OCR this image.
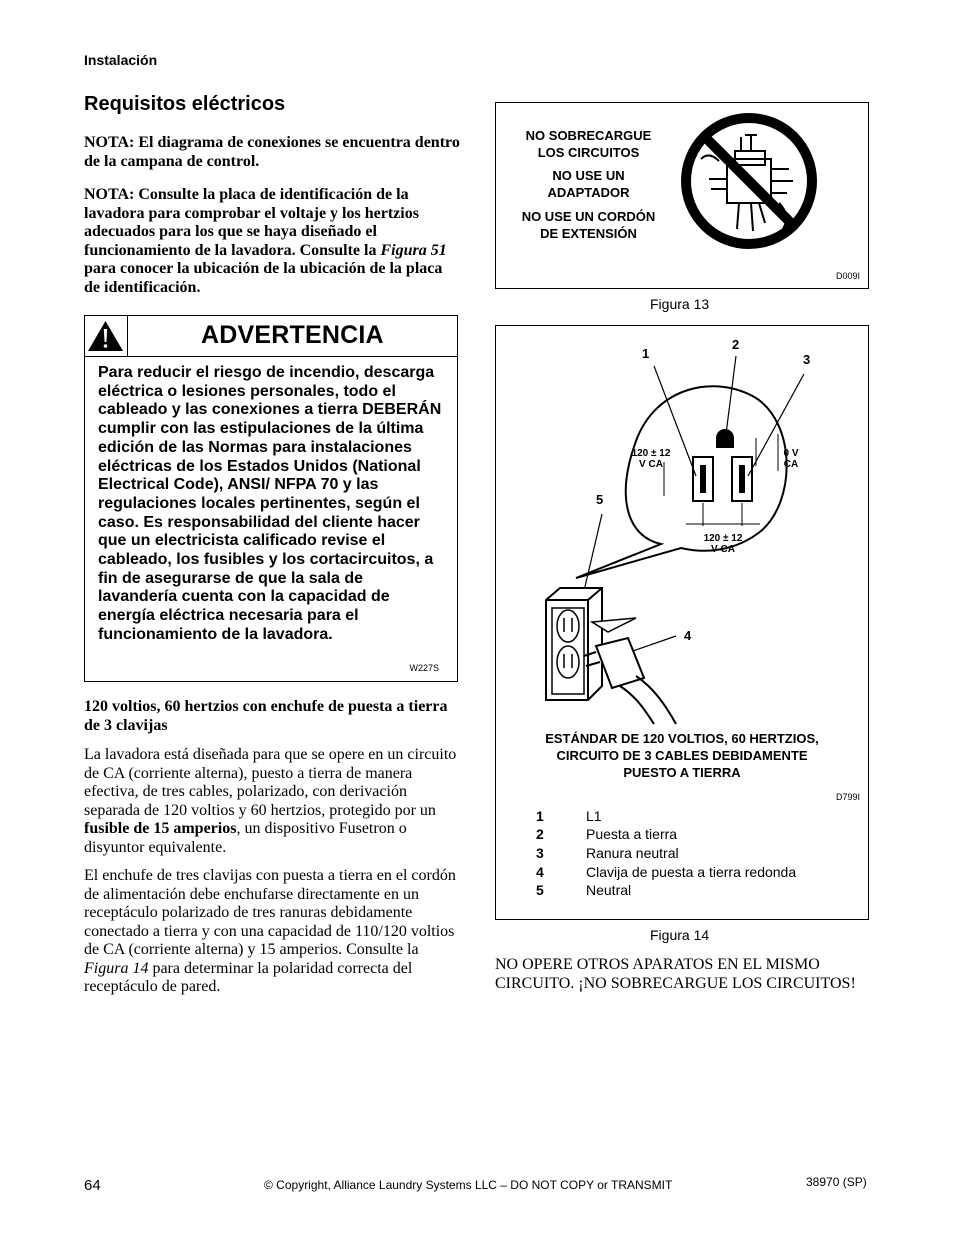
Instalación
Requisitos eléctricos

NOTA: El diagrama de conexiones se encuentra dentro de la campana de control.

NOTA: Consulte la placa de identificación de la lavadora para comprobar el voltaje y los hertzios adecuados para los que se haya diseñado el funcionamiento de la lavadora. Consulte la Figura 51 para conocer la ubicación de la ubicación de la placa de identificación.

ADVERTENCIA

Para reducir el riesgo de incendio, descarga eléctrica o lesiones personales, todo el cableado y las conexiones a tierra DEBERÁN cumplir con las estipulaciones de la última edición de las Normas para instalaciones eléctricas de los Estados Unidos (National Electrical Code), ANSI/ NFPA 70 y las regulaciones locales pertinentes, según el caso. Es responsabilidad del cliente hacer que un electricista calificado revise el cableado, los fusibles y los cortacircuitos, a fin de asegurarse de que la sala de lavandería cuenta con la capacidad de energía eléctrica necesaria para el funcionamiento de la lavadora.

W227S

120 voltios, 60 hertzios con enchufe de puesta a tierra de 3 clavijas

La lavadora está diseñada para que se opere en un circuito de CA (corriente alterna), puesto a tierra de manera efectiva, de tres cables, polarizado, con derivación separada de 120 voltios y 60 hertzios, protegido por un fusible de 15 amperios, un dispositivo Fusetron o disyuntor equivalente.

El enchufe de tres clavijas con puesta a tierra en el cordón de alimentación debe enchufarse directamente en un receptáculo polarizado de tres ranuras debidamente conectado a tierra y con una capacidad de 110/120 voltios de CA (corriente alterna) y 15 amperios. Consulte la Figura 14 para determinar la polaridad correcta del receptáculo de pared.

NO SOBRECARGUE
LOS CIRCUITOS
NO USE UN
ADAPTADOR
NO USE UN CORDÓN
DE EXTENSIÓN
D009I
Figura 13
1
2
3
4
5
120 ± 12
V CA
0 V
CA
120 ± 12
V CA
ESTÁNDAR DE 120 VOLTIOS, 60 HERTZIOS,
CIRCUITO DE 3 CABLES DEBIDAMENTE
PUESTO A TIERRA
D799I
1	L1
2	Puesta a tierra
3	Ranura neutral
4	Clavija de puesta a tierra redonda
5	Neutral
Figura 14

NO OPERE OTROS APARATOS EN EL MISMO CIRCUITO. ¡NO SOBRECARGUE LOS CIRCUITOS!

64	© Copyright, Alliance Laundry Systems LLC – DO NOT COPY or TRANSMIT	38970 (SP)
